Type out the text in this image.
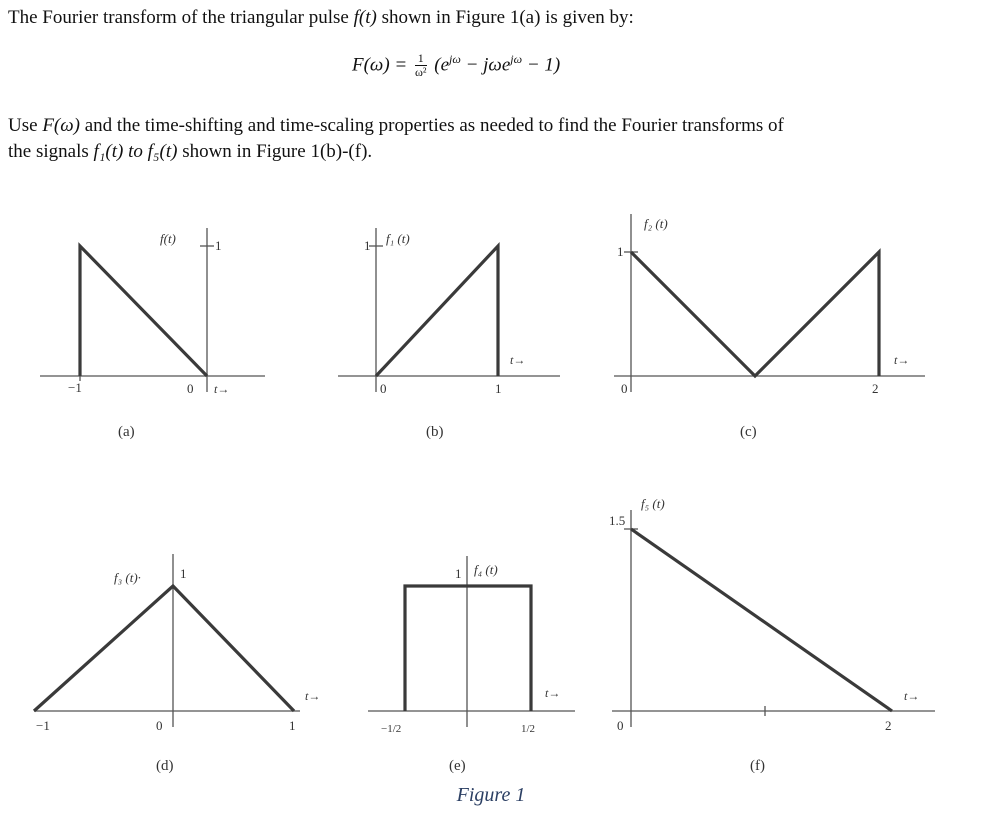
The Fourier transform of the triangular pulse f(t) shown in Figure 1(a) is given by:
$F(\omega) = \frac{1}{\text{ω²}} (e^{j\omega} - j\omega e^{j\omega} - 1)$
Use F(ω) and the time-shifting and time-scaling properties as needed to find the Fourier transforms of
the signals f₁(t) to f₅(t) shown in Figure 1(b)-(f).
f(t)	1
−1	0 t→
(a)
1 f₁ (t)
0	1
t→
(b)
1
f₂ (t)
0	2
t→
(c)
f₃ (t)·	1
−1	0	1
t→
(d)
1 f₄ (t)
−1/2	1/2
t→
(e)
1.5
f₅ (t)
0	2
t→
(f)
Figure 1
